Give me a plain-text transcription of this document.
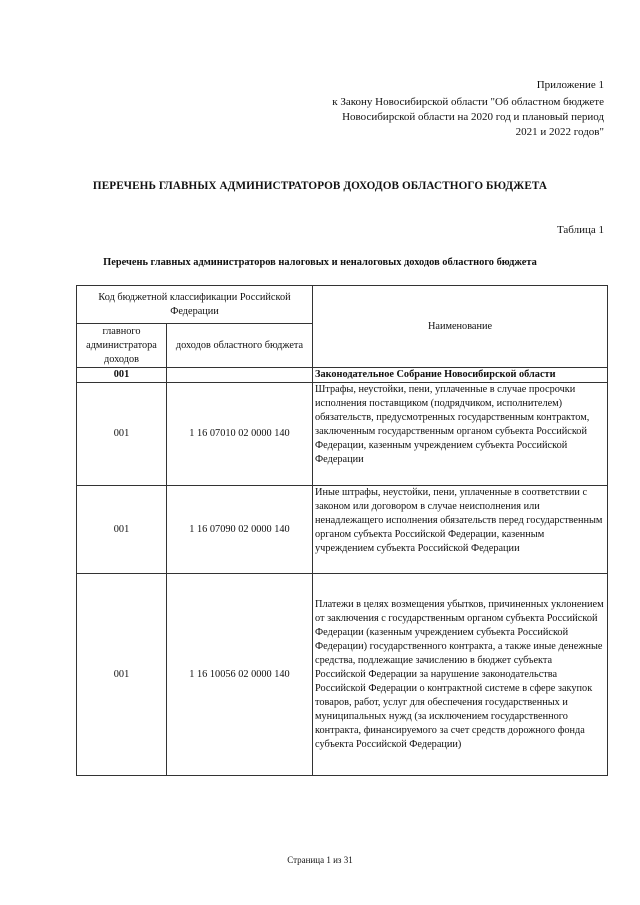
Приложение 1
к Закону Новосибирской области "Об областном бюджете
Новосибирской области на 2020 год и плановый период
2021 и 2022 годов"
ПЕРЕЧЕНЬ ГЛАВНЫХ АДМИНИСТРАТОРОВ ДОХОДОВ ОБЛАСТНОГО БЮДЖЕТА
Таблица 1
Перечень главных администраторов налоговых и неналоговых доходов областного бюджета
Код бюджетной классификации Российской Федерации		Наименование
главного администратора доходов	доходов областного бюджета	
001		Законодательное Собрание Новосибирской области
001	1 16 07010 02 0000 140	Штрафы, неустойки, пени, уплаченные в случае просрочки исполнения поставщиком (подрядчиком, исполнителем) обязательств, предусмотренных государственным контрактом, заключенным государственным органом субъекта Российской Федерации, казенным учреждением субъекта Российской Федерации
001	1 16 07090 02 0000 140	Иные штрафы, неустойки, пени, уплаченные в соответствии с законом или договором в случае неисполнения или ненадлежащего исполнения обязательств перед государственным органом субъекта Российской Федерации, казенным учреждением субъекта Российской Федерации
001	1 16 10056 02 0000 140	Платежи в целях возмещения убытков, причиненных уклонением от заключения с государственным органом субъекта Российской Федерации (казенным учреждением субъекта Российской Федерации) государственного контракта, а также иные денежные средства, подлежащие зачислению в бюджет субъекта Российской Федерации за нарушение законодательства Российской Федерации о контрактной системе в сфере закупок товаров, работ, услуг для обеспечения государственных и муниципальных нужд (за исключением государственного контракта, финансируемого за счет средств дорожного фонда субъекта Российской Федерации)
Страница 1 из 31
